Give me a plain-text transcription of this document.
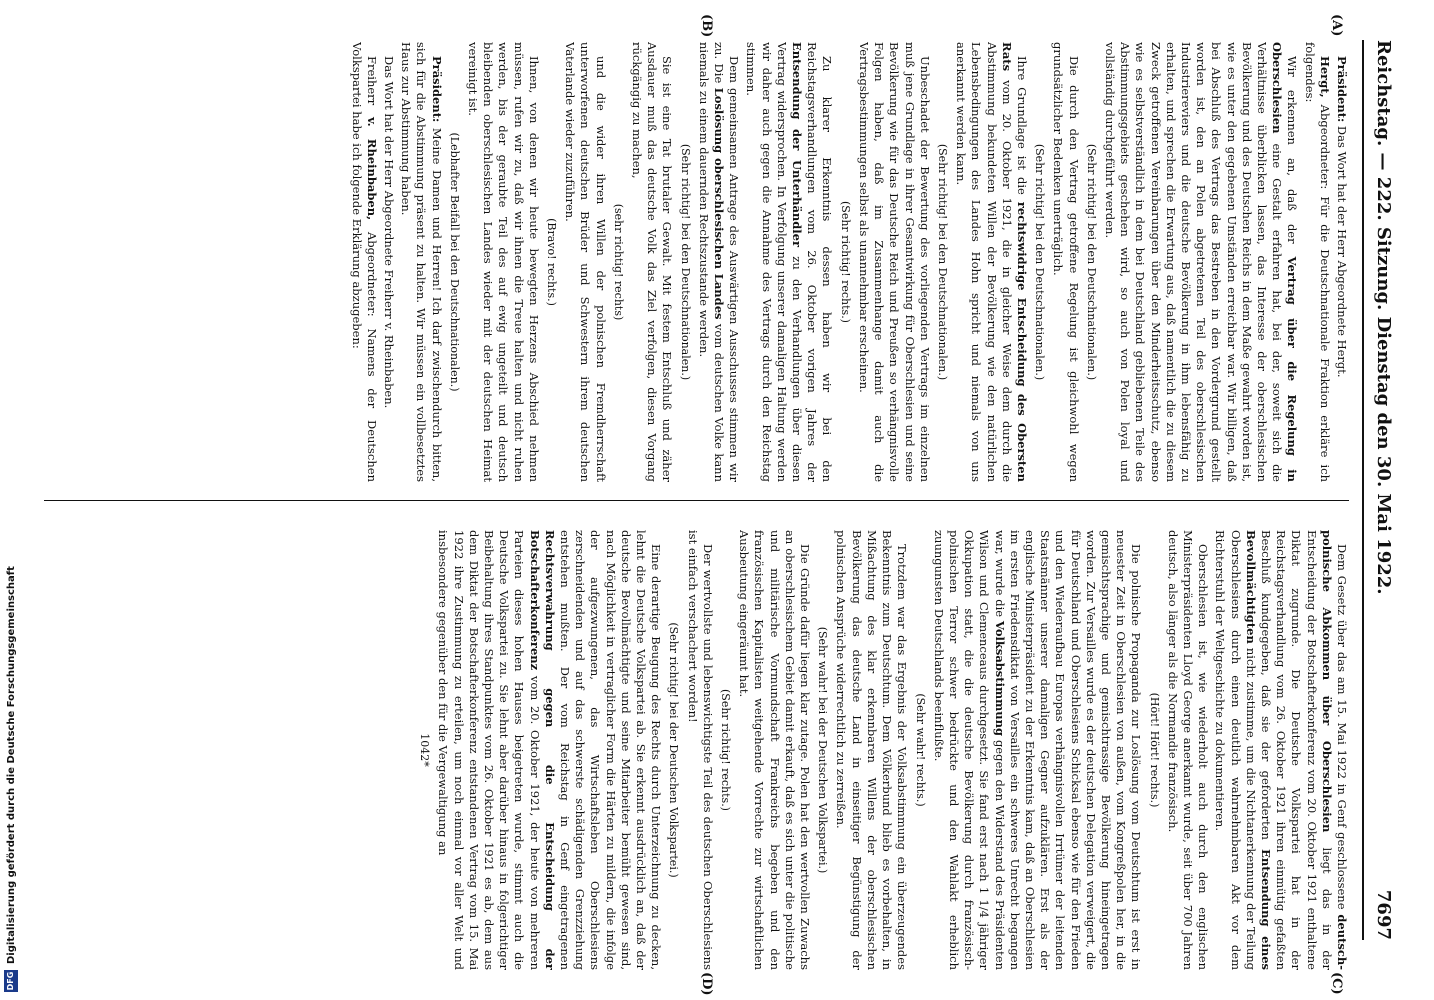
Reichstag. — 222. Sitzung. Dienstag den 30. Mai 1922.
7697
(A)
(B)
(C)
(D)

Präsident: Das Wort hat der Herr Abgeordnete Hergt.

Hergt, Abgeordneter: Für die Deutschnationale Fraktion erkläre ich folgendes:

Wir erkennen an, daß der Vertrag über die Regelung in Oberschlesien eine Gestalt erfahren hat, bei der, soweit sich die Verhältnisse überblicken lassen, das Interesse der oberschlesischen Bevölkerung und des Deutschen Reichs in dem Maße gewahrt worden ist, wie es unter den gegebenen Umständen erreichbar war. Wir billigen, daß bei Abschluß des Vertrags das Bestreben in den Vordergrund gestellt worden ist, den an Polen abgetretenen Teil des oberschlesischen Industriereviers und die deutsche Bevölkerung in ihm lebensfähig zu erhalten, und sprechen die Erwartung aus, daß namentlich die zu diesem Zweck getroffenen Vereinbarungen über den Minderheitsschutz, ebenso wie es selbstverständlich in dem bei Deutschland gebliebenen Teile des Abstimmungsgebiets geschehen wird, so auch von Polen loyal und vollständig durchgeführt werden.

(Sehr richtig! bei den Deutschnationalen.)

Die durch den Vertrag getroffene Regelung ist gleichwohl wegen grundsätzlicher Bedenken unerträglich.

(Sehr richtig! bei den Deutschnationalen.)

Ihre Grundlage ist die rechtswidrige Entscheidung des Obersten Rats vom 20. Oktober 1921, die in gleicher Weise dem durch die Abstimmung bekundeten Willen der Bevölkerung wie den natürlichen Lebensbedingungen des Landes Hohn spricht und niemals von uns anerkannt werden kann.

(Sehr richtig! bei den Deutschnationalen.)

Unbeschadet der Bewertung des vorliegenden Vertrags im einzelnen muß jene Grundlage in ihrer Gesamtwirkung für Oberschlesien und seine Bevölkerung wie für das Deutsche Reich und Preußen so verhängnisvolle Folgen haben, daß im Zusammenhange damit auch die Vertragsbestimmungen selbst als unannehmbar erscheinen.

(Sehr richtig! rechts.)

Zu klarer Erkenntnis dessen haben wir bei den Reichstagsverhandlungen vom 26. Oktober vorigen Jahres der Entsendung der Unterhändler zu den Verhandlungen über diesen Vertrag widersprochen. In Verfolgung unserer damaligen Haltung werden wir daher auch gegen die Annahme des Vertrags durch den Reichstag stimmen.

Dem gemeinsamen Antrage des Auswärtigen Ausschusses stimmen wir zu. Die Loslösung oberschlesischen Landes vom deutschen Volke kann niemals zu einem dauernden Rechtszustande werden.

(Sehr richtig! bei den Deutschnationalen.)

Sie ist eine Tat brutaler Gewalt. Mit festem Entschluß und zäher Ausdauer muß das deutsche Volk das Ziel verfolgen, diesen Vorgang rückgängig zu machen,

(sehr richtig! rechts)

und die wider ihren Willen der polnischen Fremdherrschaft unterworfenen deutschen Brüder und Schwestern ihrem deutschen Vaterlande wieder zuzuführen.

(Bravo! rechts.)

Ihnen, von denen wir heute bewegten Herzens Abschied nehmen müssen, rufen wir zu, daß wir ihnen die Treue halten und nicht ruhen werden, bis der geraubte Teil des auf ewig ungeteilt und deutsch bleibenden oberschlesischen Landes wieder mit der deutschen Heimat vereinigt ist.

(Lebhafter Beifall bei den Deutschnationalen.)

Präsident: Meine Damen und Herren! Ich darf zwischendurch bitten, sich für die Abstimmung präsent zu halten. Wir müssen ein vollbesetztes Haus zur Abstimmung haben.

Das Wort hat der Herr Abgeordnete Freiherr v. Rheinbaben.

Freiherr v. Rheinbaben, Abgeordneter: Namens der Deutschen Volkspartei habe ich folgende Erklärung abzugeben:

Dem Gesetz über das am 15. Mai 1922 in Genf geschlossene deutsch-polnische Abkommen über Oberschlesien liegt das in der Entscheidung der Botschafterkonferenz vom 20. Oktober 1921 enthaltene Diktat zugrunde. Die Deutsche Volkspartei hat in der Reichstagsverhandlung vom 26. Oktober 1921 ihren einmütig gefaßten Beschluß kundgegeben, daß sie der geforderten Entsendung eines Bevollmächtigten nicht zustimme, um die Nichtanerkennung der Teilung Oberschlesiens durch einen deutlich wahrnehmbaren Akt vor dem Richterstuhl der Weltgeschichte zu dokumentieren.

Oberschlesien ist, wie wiederholt auch durch den englischen Ministerpräsidenten Lloyd George anerkannt wurde, seit über 700 Jahren deutsch, also länger als die Normandie französisch.

(Hört! Hört! rechts.)

Die polnische Propaganda zur Loslösung vom Deutschtum ist erst in neuester Zeit in Oberschlesien von außen, vom Kongreßpolen her, in die gemischtsprachige und gemischtrassige Bevölkerung hineingetragen worden. Zur Versailles wurde es der deutschen Delegation verweigert, die für Deutschland und Oberschlesiens Schicksal ebenso wie für den Frieden und den Wiederaufbau Europas verhängnisvollen Irrtümer der leitenden Staatsmänner unserer damaligen Gegner aufzuklären. Erst als der englische Ministerpräsident zu der Erkenntnis kam, daß an Oberschlesien im ersten Friedensdiktat von Versailles ein schweres Unrecht begangen war, wurde die Volksabstimmung gegen den Widerstand des Präsidenten Wilson und Clemenceaus durchgesetzt. Sie fand erst nach 1 1/4 jähriger Okkupation statt, die die deutsche Bevölkerung durch französisch-polnischen Terror schwer bedrückte und den Wahlakt erheblich zuungunsten Deutschlands beeinflußte.

(Sehr wahr! rechts.)

Trotzdem war das Ergebnis der Volksabstimmung ein überzeugendes Bekenntnis zum Deutschtum. Dem Völkerbund blieb es vorbehalten, in Mißachtung des klar erkennbaren Willens der oberschlesischen Bevölkerung das deutsche Land in einseitiger Begünstigung der polnischen Ansprüche widerrechtlich zu zerreißen.

(Sehr wahr! bei der Deutschen Volkspartei.)

Die Gründe dafür liegen klar zutage. Polen hat den wertvollen Zuwachs an oberschlesischem Gebiet damit erkauft, daß es sich unter die politische und militärische Vormundschaft Frankreichs begeben und den französischen Kapitalisten weitgehende Vorrechte zur wirtschaftlichen Ausbeutung eingeräumt hat.

(Sehr richtig! rechts.)

Der wertvollste und lebenswichtigste Teil des deutschen Oberschlesiens ist einfach verschachert worden!

(Sehr richtig! bei der Deutschen Volkspartei.)

Eine derartige Beugung des Rechts durch Unterzeichnung zu decken, lehnt die Deutsche Volkspartei ab. Sie erkennt ausdrücklich an, daß der deutsche Bevollmächtigte und seine Mitarbeiter bemüht gewesen sind, nach Möglichkeit in vertraglicher Form die Härten zu mildern, die infolge der aufgezwungenen, das Wirtschaftsleben Oberschlesiens zerschneidenden und auf das schwerste schädigenden Grenzziehung entstehen mußten. Der vom Reichstag in Genf eingetragenen Rechtsverwahrung gegen die Entscheidung der Botschafterkonferenz vom 20. Oktober 1921, der heute von mehreren Parteien dieses hohen Hauses beigetreten wurde, stimmt auch die Deutsche Volkspartei zu. Sie lehnt aber darüber hinaus in folgerichtiger Beibehaltung ihres Standpunktes vom 26. Oktober 1921 es ab, dem aus dem Diktat der Botschafterkonferenz entstandenen Vertrag vom 15. Mai 1922 ihre Zustimmung zu erteilen, um noch einmal vor aller Welt und insbesondere gegenüber den für die Vergewaltigung an

1042*

DFG
Digitalisierung gefördert durch die Deutsche Forschungsgemeinschaft
